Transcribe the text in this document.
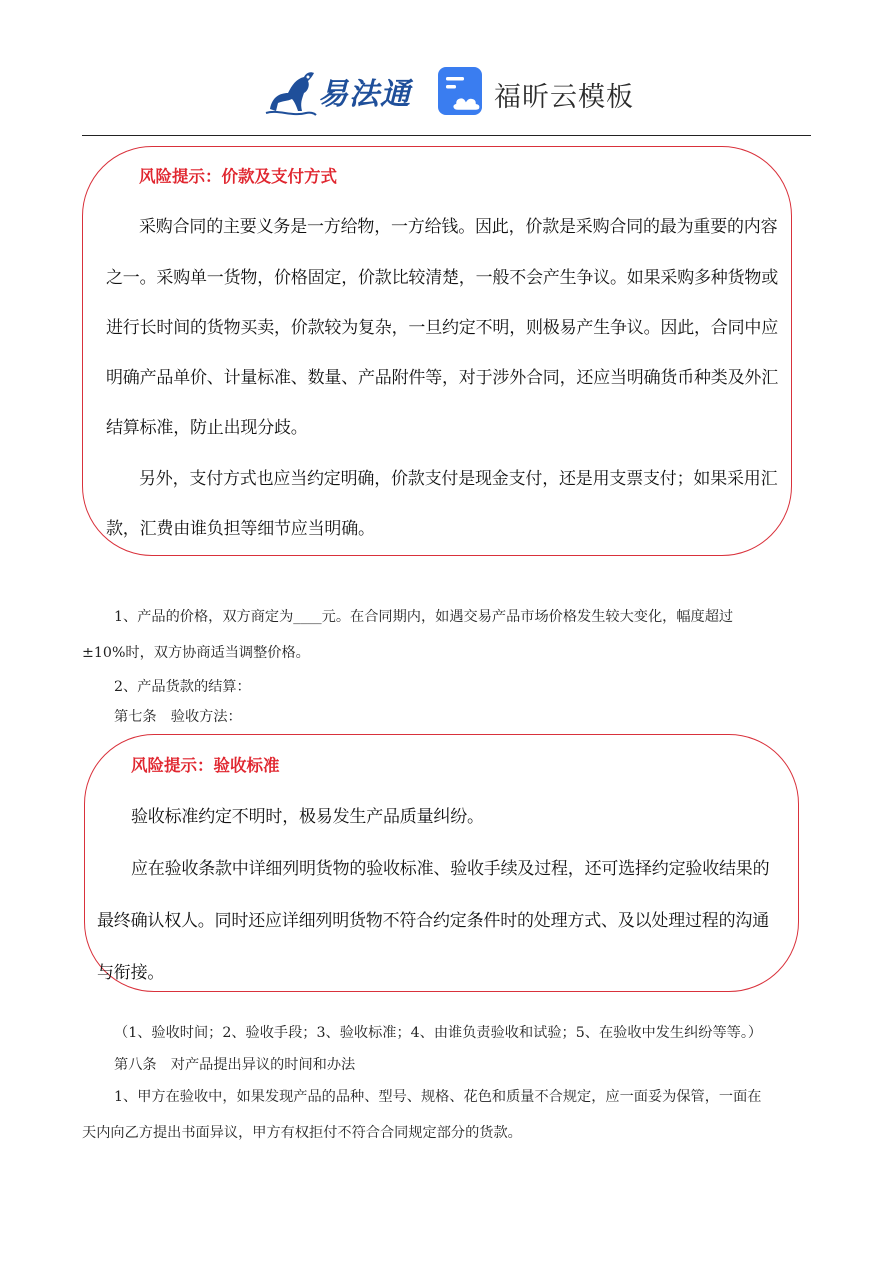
易法通	福昕云模板
风险提示：价款及支付方式
采购合同的主要义务是一方给物，一方给钱。因此，价款是采购合同的最为重要的内容
之一。采购单一货物，价格固定，价款比较清楚，一般不会产生争议。如果采购多种货物或
进行长时间的货物买卖，价款较为复杂，一旦约定不明，则极易产生争议。因此，合同中应
明确产品单价、计量标准、数量、产品附件等，对于涉外合同，还应当明确货币种类及外汇
结算标准，防止出现分歧。
另外，支付方式也应当约定明确，价款支付是现金支付，还是用支票支付；如果采用汇
款，汇费由谁负担等细节应当明确。
1、产品的价格，双方商定为____元。在合同期内，如遇交易产品市场价格发生较大变化，幅度超过
±10%时，双方协商适当调整价格。
2、产品货款的结算：
第七条　验收方法：
风险提示：验收标准
验收标准约定不明时，极易发生产品质量纠纷。
应在验收条款中详细列明货物的验收标准、验收手续及过程，还可选择约定验收结果的
最终确认权人。同时还应详细列明货物不符合约定条件时的处理方式、及以处理过程的沟通
与衔接。
（1、验收时间；2、验收手段；3、验收标准；4、由谁负责验收和试验；5、在验收中发生纠纷等等。）
第八条　对产品提出异议的时间和办法
1、甲方在验收中，如果发现产品的品种、型号、规格、花色和质量不合规定，应一面妥为保管，一面在
天内向乙方提出书面异议，甲方有权拒付不符合合同规定部分的货款。
